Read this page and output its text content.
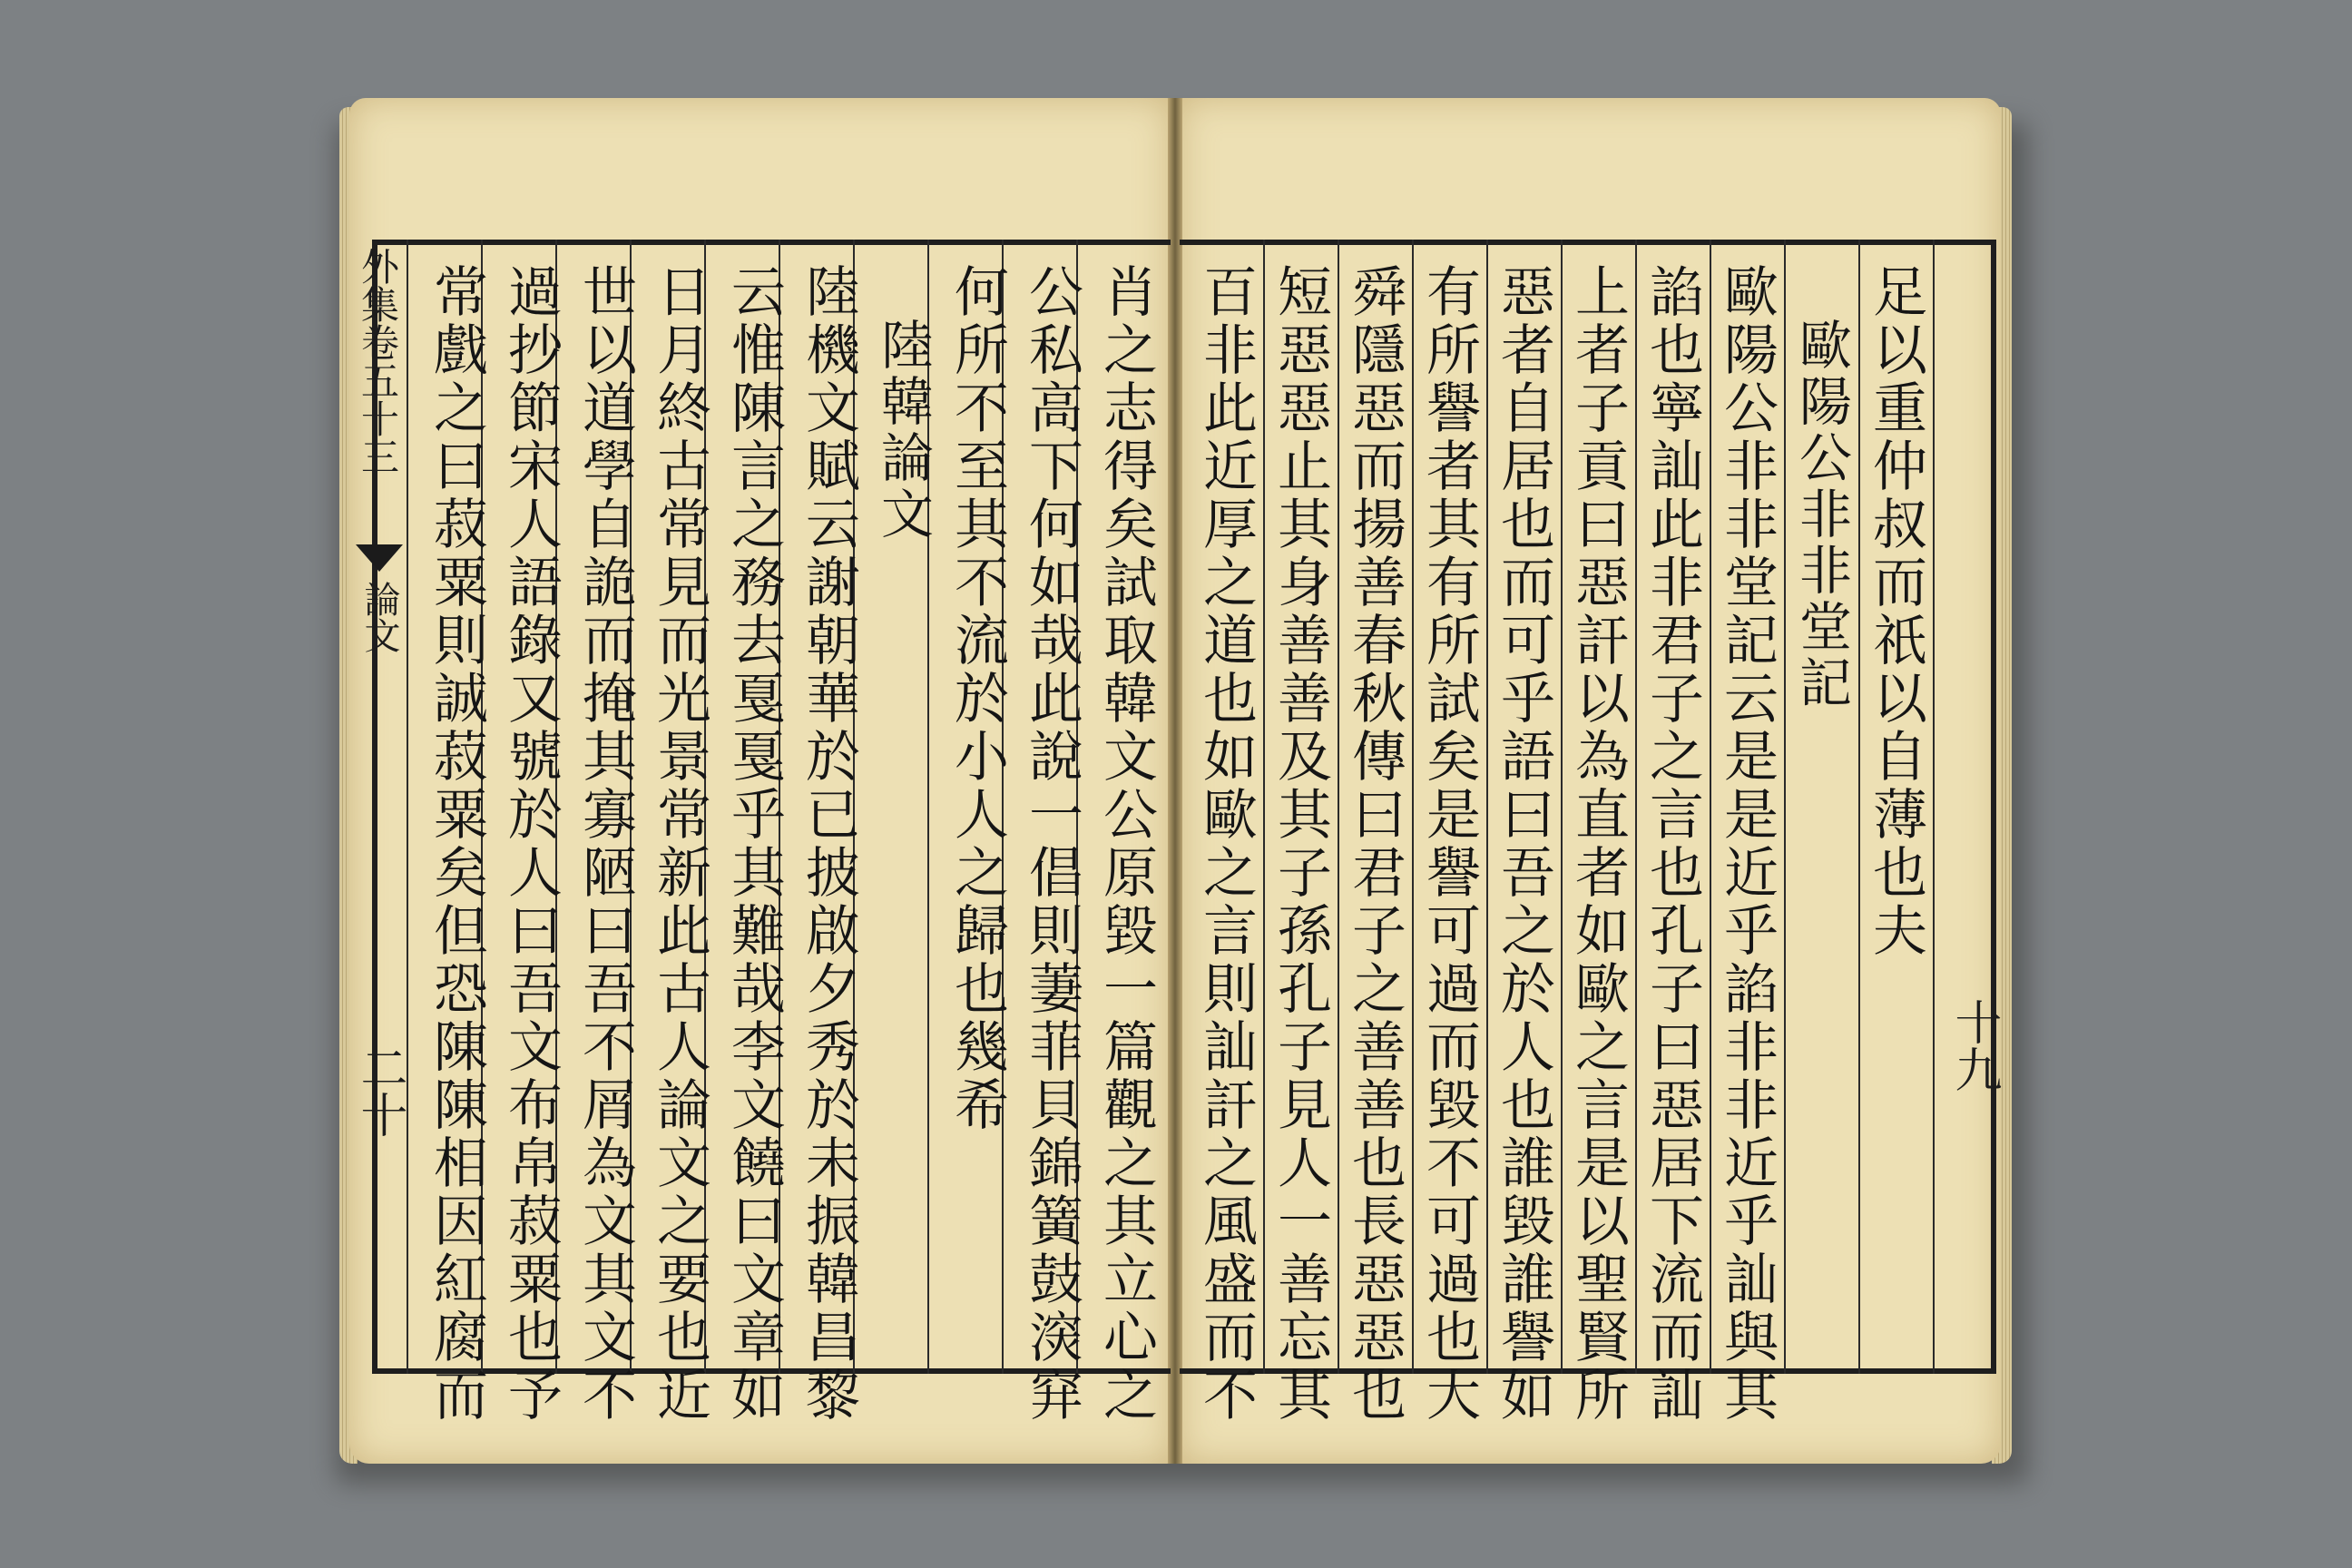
外集卷五十三
論文
二十	肖之志得矣試取韓文公原毀一篇觀之其立心之
公私高下何如哉此說一倡則萋菲貝錦簧鼓㴱穽
何所不至其不流於小人之歸也幾希
陸韓論文
陸機文賦云謝朝華於已披啟夕秀於未振韓昌黎
云惟陳言之務去戛戛乎其難哉李文饒曰文章如
日月終古常見而光景常新此古人論文之要也近
世以道學自詭而掩其寡陋曰吾不屑為文其文不
過抄節宋人語錄又號於人曰吾文布帛菽粟也予
常戲之曰菽粟則誠菽粟矣但恐陳陳相因紅腐而	足以重仲叔而祇以自薄也夫
歐陽公非非堂記
歐陽公非非堂記云是是近乎諂非非近乎訕與其
諂也寧訕此非君子之言也孔子曰惡居下流而訕
上者子貢曰惡訐以為直者如歐之言是以聖賢所
惡者自居也而可乎語曰吾之於人也誰毀誰譽如
有所譽者其有所試矣是譽可過而毀不可過也大
舜隱惡而揚善春秋傳曰君子之善善也長惡惡也
短惡惡止其身善善及其子孫孔子見人一善忘其
百非此近厚之道也如歐之言則訕訐之風盛而不	十九
